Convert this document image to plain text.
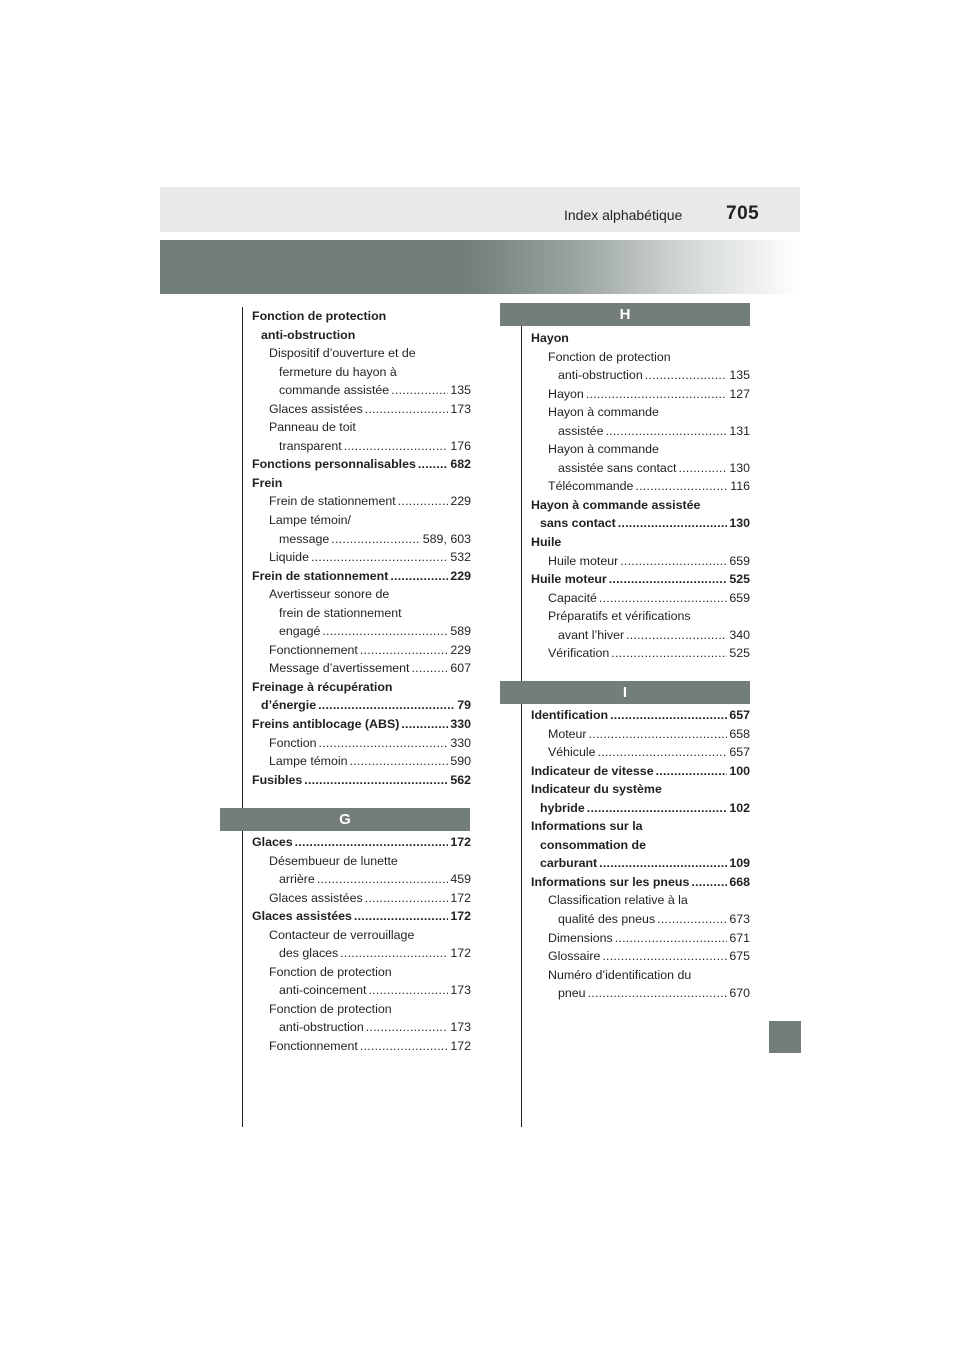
Index alphabétique 705
Fonction de protection
anti-obstruction
Dispositif d’ouverture et de
fermeture du hayon à
commande assistée . . .	135
Glaces assistées . . .	173
Panneau de toit
transparent . . .	176
Fonctions personnalisables . . .	682
Frein
Frein de stationnement . . .	229
Lampe témoin/
message . . .	589, 603
Liquide . . .	532
Frein de stationnement . . .	229
Avertisseur sonore de
frein de stationnement
engagé . . .	589
Fonctionnement . . .	229
Message d’avertissement . . .	607
Freinage à récupération
d’énergie . . .	79
Freins antiblocage (ABS) . . .	330
Fonction . . .	330
Lampe témoin . . .	590
Fusibles . . .	562
G
Glaces . . .	172
Désembueur de lunette
arrière . . .	459
Glaces assistées . . .	172
Glaces assistées . . .	172
Contacteur de verrouillage
des glaces . . .	172
Fonction de protection
anti-coincement . . .	173
Fonction de protection
anti-obstruction . . .	173
Fonctionnement . . .	172
H
Hayon
Fonction de protection
anti-obstruction . . .	135
Hayon . . .	127
Hayon à commande
assistée . . .	131
Hayon à commande
assistée sans contact . . .	130
Télécommande . . .	116
Hayon à commande assistée
sans contact . . .	130
Huile
Huile moteur . . .	659
Huile moteur . . .	525
Capacité . . .	659
Préparatifs et vérifications
avant l’hiver . . .	340
Vérification . . .	525
I
Identification . . .	657
Moteur . . .	658
Véhicule . . .	657
Indicateur de vitesse . . .	100
Indicateur du système
hybride . . .	102
Informations sur la
consommation de
carburant . . .	109
Informations sur les pneus . . .	668
Classification relative à la
qualité des pneus . . .	673
Dimensions . . .	671
Glossaire . . .	675
Numéro d’identification du
pneu . . .	670
